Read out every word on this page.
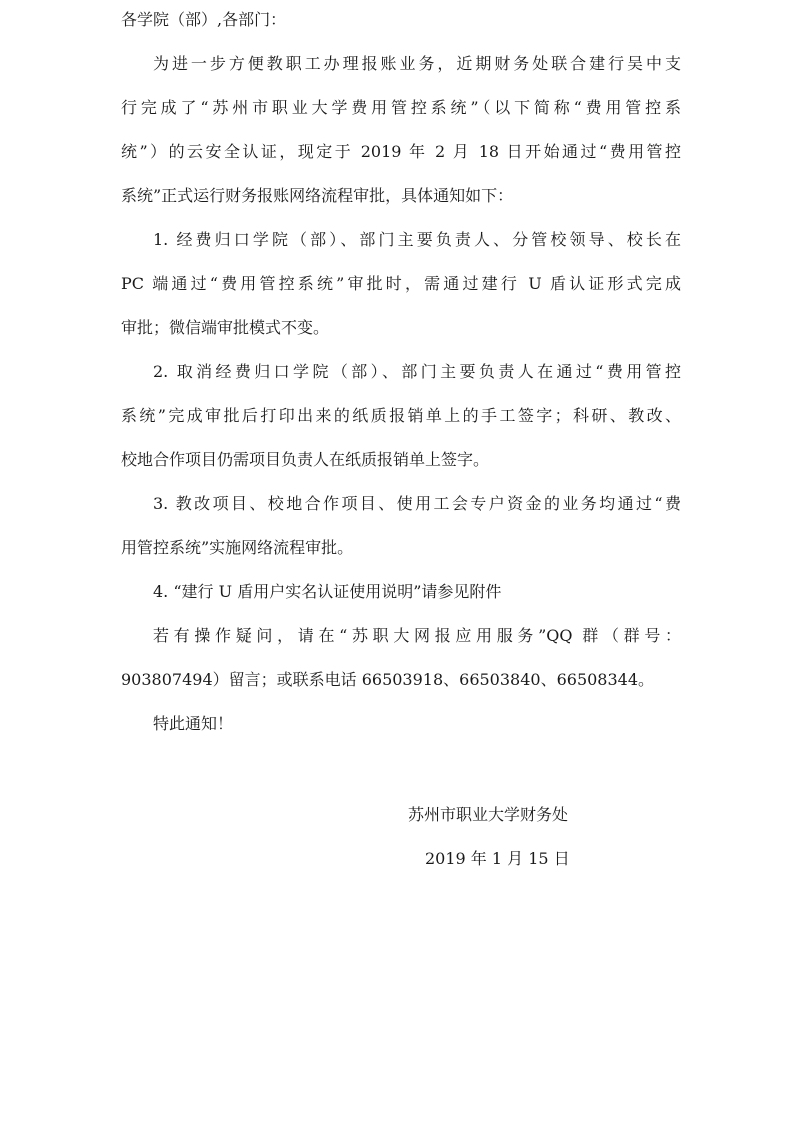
各学院（部）,各部门：

为进一步方便教职工办理报账业务，近期财务处联合建行吴中支

行完成了“苏州市职业大学费用管控系统”（以下简称“费用管控系

统”）的云安全认证，现定于 2019 年 2 月 18 日开始通过“费用管控

系统”正式运行财务报账网络流程审批，具体通知如下：

1. 经费归口学院（部）、部门主要负责人、分管校领导、校长在

PC 端通过“费用管控系统”审批时，需通过建行 U 盾认证形式完成

审批；微信端审批模式不变。

2. 取消经费归口学院（部）、部门主要负责人在通过“费用管控

系统”完成审批后打印出来的纸质报销单上的手工签字；科研、教改、

校地合作项目仍需项目负责人在纸质报销单上签字。

3. 教改项目、校地合作项目、使用工会专户资金的业务均通过“费

用管控系统”实施网络流程审批。

4. “建行 U 盾用户实名认证使用说明”请参见附件

若有操作疑问，请在“苏职大网报应用服务”QQ 群（群号：

903807494）留言；或联系电话 66503918、66503840、66508344。

特此通知！

苏州市职业大学财务处

2019 年 1 月 15 日
